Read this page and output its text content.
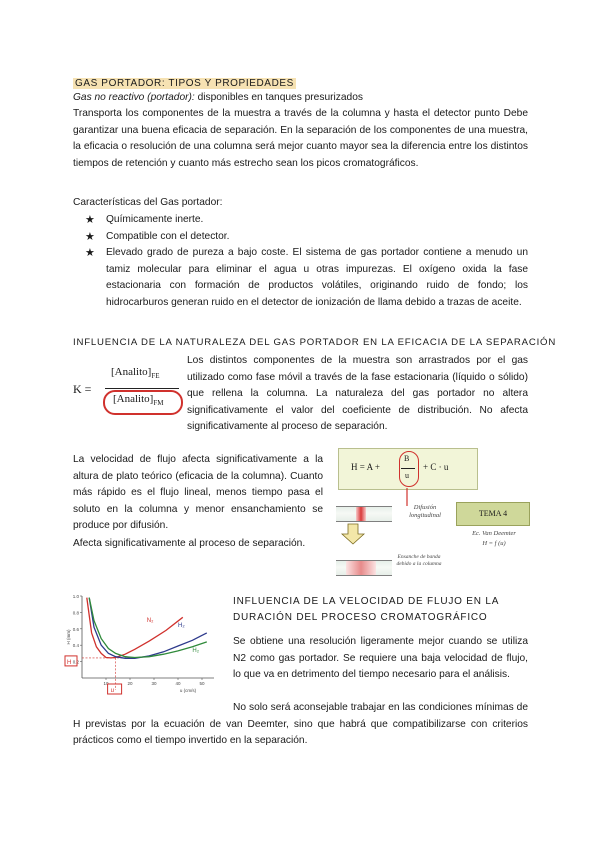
GAS PORTADOR: TIPOS Y PROPIEDADES
Gas no reactivo (portador): disponibles en tanques presurizados
Transporta los componentes de la muestra a través de la columna y hasta el detector punto Debe garantizar una buena eficacia de separación. En la separación de los componentes de una muestra, la eficacia o resolución de una columna será mejor cuanto mayor sea la diferencia entre los distintos tiempos de retención y cuanto más estrecho sean los picos cromatográficos.
Características del Gas portador:
★ Químicamente inerte.
★ Compatible con el detector.
★ Elevado grado de pureza a bajo coste. El sistema de gas portador contiene a menudo un tamiz molecular para eliminar el agua u otras impurezas. El oxígeno oxida la fase estacionaria con formación de productos volátiles, originando ruido de fondo; los hidrocarburos generan ruido en el detector de ionización de llama debido a trazas de aceite.
INFLUENCIA DE LA NATURALEZA DEL GAS PORTADOR EN LA EFICACIA DE LA SEPARACIÓN
K =
$[Analito]_{FE}$
$[Analito]_{FM}$
Los distintos componentes de la muestra son arrastrados por el gas utilizado como fase móvil a través de la fase estacionaria (líquido o sólido) que rellena la columna. La naturaleza del gas portador no altera significativamente el valor del coeficiente de distribución. No afecta significativamente al proceso de separación.
La velocidad de flujo afecta significativamente a la altura de plato teórico (eficacia de la columna). Cuanto más rápido es el flujo lineal, menos tiempo pasa el soluto en la columna y menor ensanchamiento se produce por difusión.
Afecta significativamente al proceso de separación.
H = A +
B
u
+ C · u
Difusión longitudinal	TEMA 4
Ec. Van Deemter
H = f (u)
Ensanche de banda debido a la columna
0.2
0.4
0.6
0.8
1.0
10	20	30	40	50
H (mm)
u (cm/s)
N₂
H₂
H₂
H
u
INFLUENCIA DE LA VELOCIDAD DE FLUJO EN LA DURACIÓN DEL PROCESO CROMATOGRÁFICO
Se obtiene una resolución ligeramente mejor cuando se utiliza N2 como gas portador. Se requiere una baja velocidad de flujo, lo que va en detrimento del tiempo necesario para el análisis.
No solo será aconsejable trabajar en las condiciones mínimas de H previstas por la ecuación de van Deemter, sino que habrá que compatibilizarse con criterios prácticos como el tiempo invertido en la separación.
